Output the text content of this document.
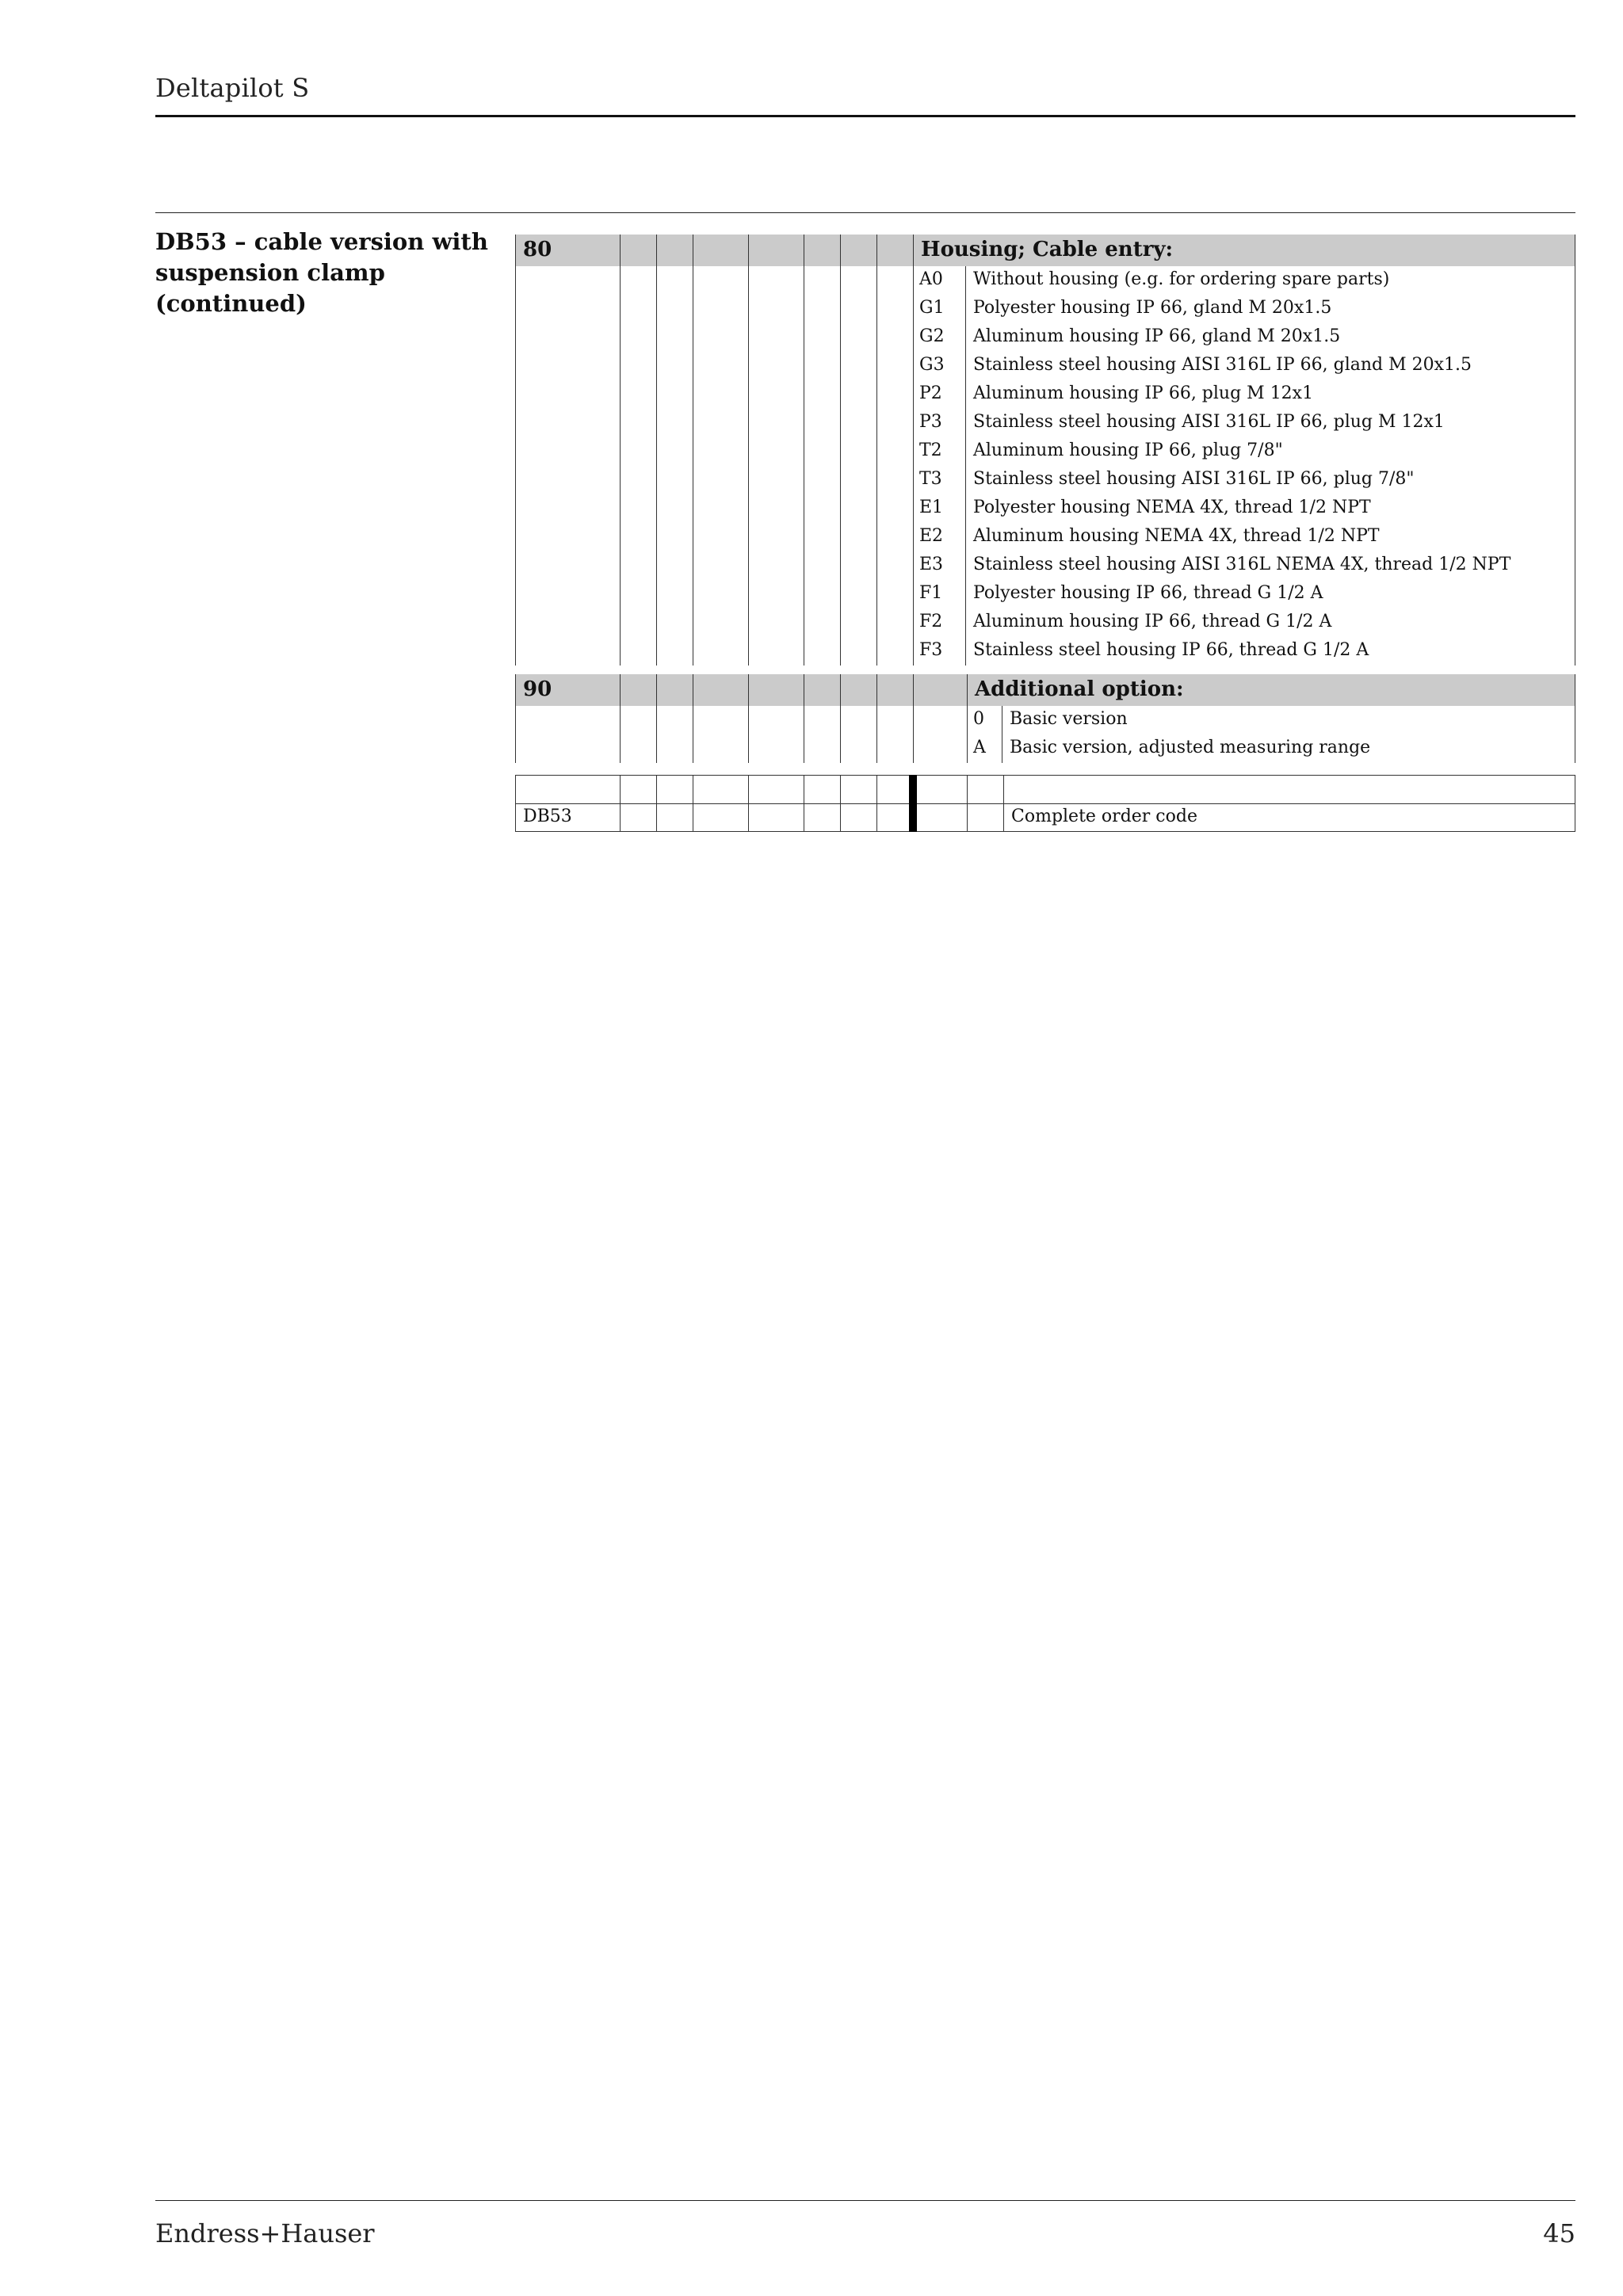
Deltapilot S
DB53 – cable version with suspension clamp (continued)
80	Housing; Cable entry:
A0 Without housing (e.g. for ordering spare parts)
G1 Polyester housing IP 66, gland M 20x1.5
G2 Aluminum housing IP 66, gland M 20x1.5
G3 Stainless steel housing AISI 316L IP 66, gland M 20x1.5
P2 Aluminum housing IP 66, plug M 12x1
P3 Stainless steel housing AISI 316L IP 66, plug M 12x1
T2 Aluminum housing IP 66, plug 7/8"
T3 Stainless steel housing AISI 316L IP 66, plug 7/8"
E1 Polyester housing NEMA 4X, thread 1/2 NPT
E2 Aluminum housing NEMA 4X, thread 1/2 NPT
E3 Stainless steel housing AISI 316L NEMA 4X, thread 1/2 NPT
F1 Polyester housing IP 66, thread G 1/2 A
F2 Aluminum housing IP 66, thread G 1/2 A
F3 Stainless steel housing IP 66, thread G 1/2 A
90	Additional option:
0 Basic version
A Basic version, adjusted measuring range
DB53	Complete order code
Endress+Hauser	45
